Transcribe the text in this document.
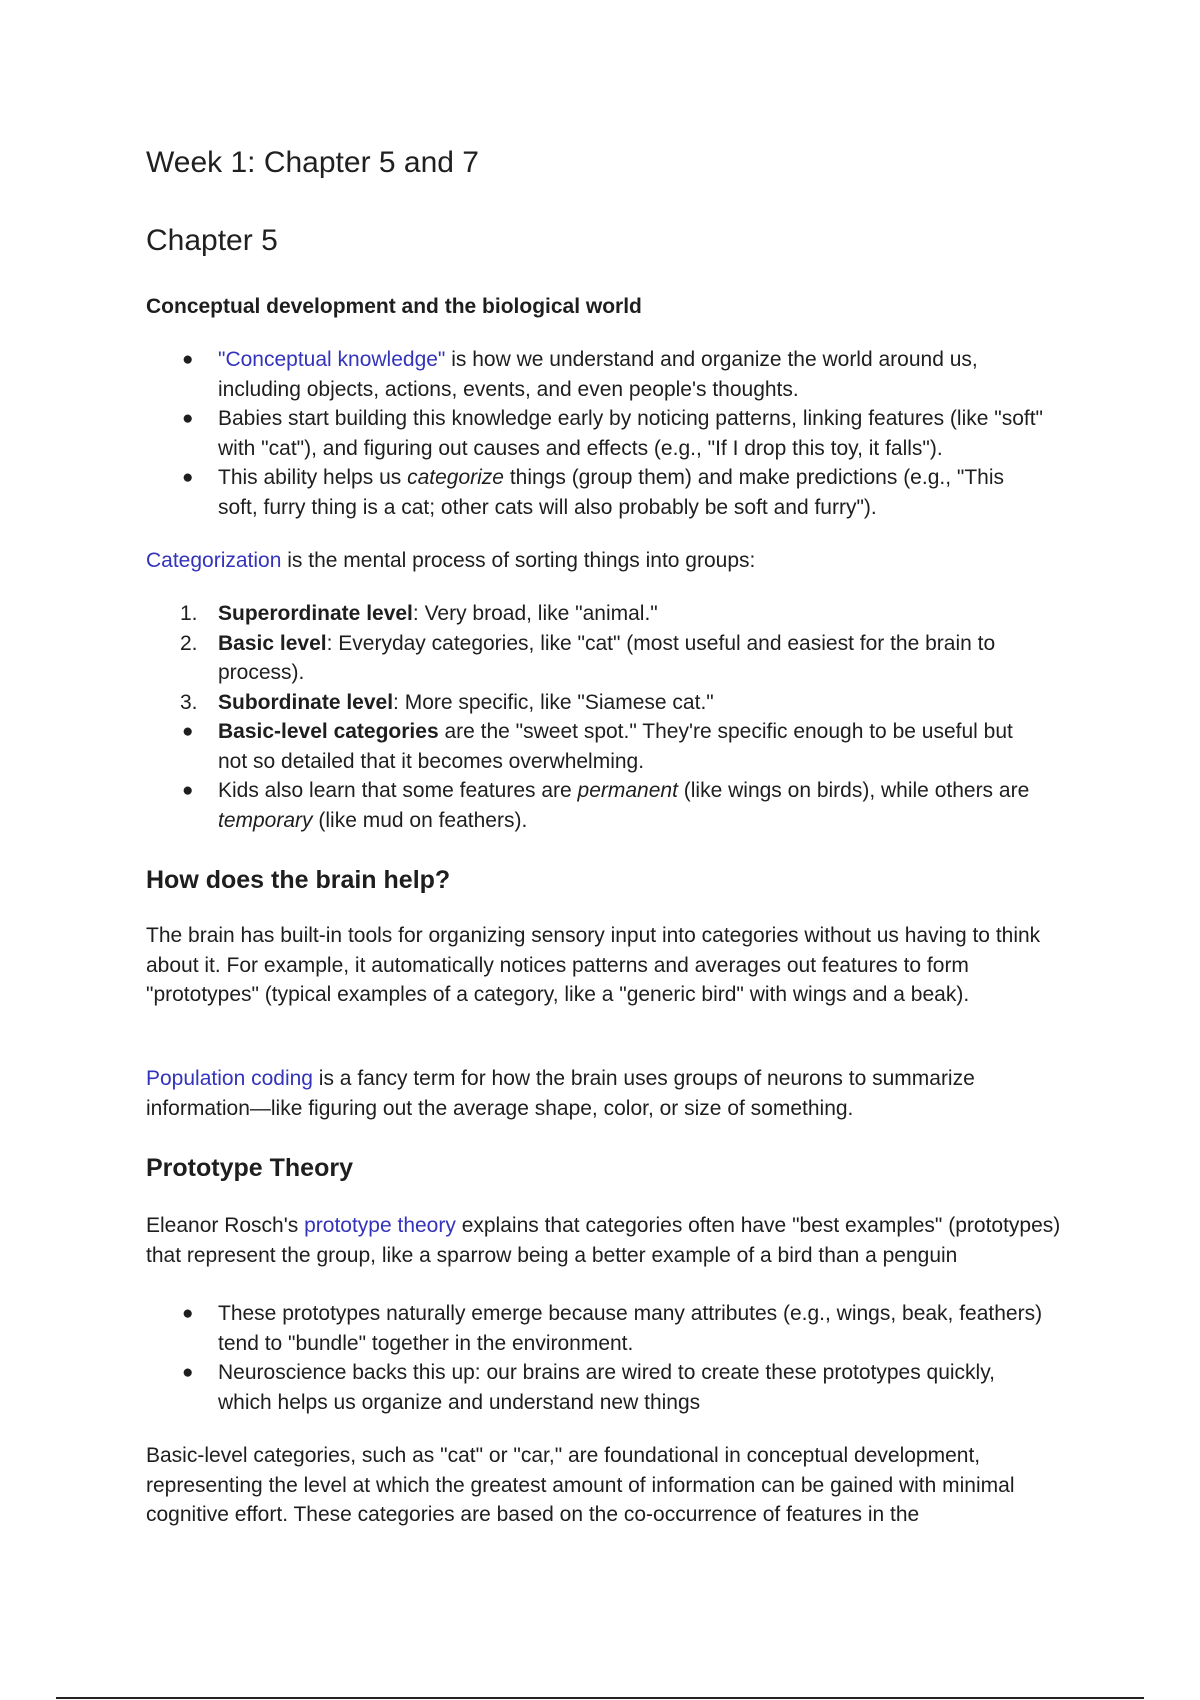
Week 1: Chapter 5 and 7
Chapter 5
Conceptual development and the biological world
● "Conceptual knowledge" is how we understand and organize the world around us, including objects, actions, events, and even people's thoughts.
● Babies start building this knowledge early by noticing patterns, linking features (like "soft" with "cat"), and figuring out causes and effects (e.g., "If I drop this toy, it falls").
● This ability helps us categorize things (group them) and make predictions (e.g., "This soft, furry thing is a cat; other cats will also probably be soft and furry").

Categorization is the mental process of sorting things into groups:

1. Superordinate level: Very broad, like "animal."
2. Basic level: Everyday categories, like "cat" (most useful and easiest for the brain to process).
3. Subordinate level: More specific, like "Siamese cat."
● Basic-level categories are the "sweet spot." They're specific enough to be useful but not so detailed that it becomes overwhelming.
● Kids also learn that some features are permanent (like wings on birds), while others are temporary (like mud on feathers).
How does the brain help?

The brain has built-in tools for organizing sensory input into categories without us having to think about it. For example, it automatically notices patterns and averages out features to form "prototypes" (typical examples of a category, like a "generic bird" with wings and a beak).

Population coding is a fancy term for how the brain uses groups of neurons to summarize information—like figuring out the average shape, color, or size of something.

Prototype Theory

Eleanor Rosch's prototype theory explains that categories often have "best examples" (prototypes) that represent the group, like a sparrow being a better example of a bird than a penguin

● These prototypes naturally emerge because many attributes (e.g., wings, beak, feathers) tend to "bundle" together in the environment.
● Neuroscience backs this up: our brains are wired to create these prototypes quickly, which helps us organize and understand new things

Basic-level categories, such as "cat" or "car," are foundational in conceptual development, representing the level at which the greatest amount of information can be gained with minimal cognitive effort. These categories are based on the co-occurrence of features in the
